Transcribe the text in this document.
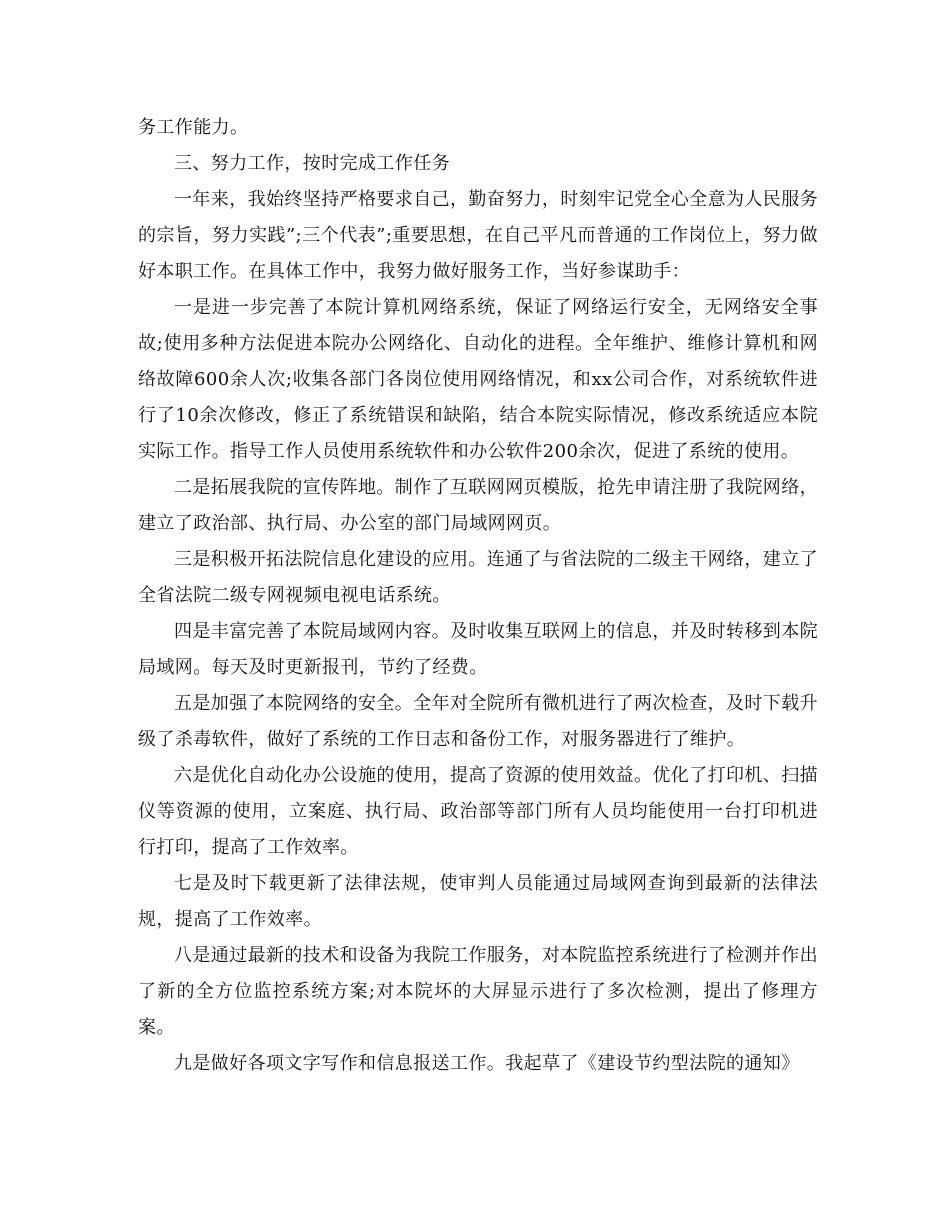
务工作能力。

三、努力工作，按时完成工作任务

一年来，我始终坚持严格要求自己，勤奋努力，时刻牢记党全心全意为人民服务的宗旨，努力实践”;三个代表”;重要思想，在自己平凡而普通的工作岗位上，努力做好本职工作。在具体工作中，我努力做好服务工作，当好参谋助手：

一是进一步完善了本院计算机网络系统，保证了网络运行安全，无网络安全事故;使用多种方法促进本院办公网络化、自动化的进程。全年维护、维修计算机和网络故障600余人次;收集各部门各岗位使用网络情况，和xx公司合作，对系统软件进行了10余次修改，修正了系统错误和缺陷，结合本院实际情况，修改系统适应本院实际工作。指导工作人员使用系统软件和办公软件200余次，促进了系统的使用。

二是拓展我院的宣传阵地。制作了互联网网页模版，抢先申请注册了我院网络，建立了政治部、执行局、办公室的部门局域网网页。

三是积极开拓法院信息化建设的应用。连通了与省法院的二级主干网络，建立了全省法院二级专网视频电视电话系统。

四是丰富完善了本院局域网内容。及时收集互联网上的信息，并及时转移到本院局域网。每天及时更新报刊，节约了经费。

五是加强了本院网络的安全。全年对全院所有微机进行了两次检查，及时下载升级了杀毒软件，做好了系统的工作日志和备份工作，对服务器进行了维护。

六是优化自动化办公设施的使用，提高了资源的使用效益。优化了打印机、扫描仪等资源的使用，立案庭、执行局、政治部等部门所有人员均能使用一台打印机进行打印，提高了工作效率。

七是及时下载更新了法律法规，使审判人员能通过局域网查询到最新的法律法规，提高了工作效率。

八是通过最新的技术和设备为我院工作服务，对本院监控系统进行了检测并作出了新的全方位监控系统方案;对本院坏的大屏显示进行了多次检测，提出了修理方案。

九是做好各项文字写作和信息报送工作。我起草了《建设节约型法院的通知》
